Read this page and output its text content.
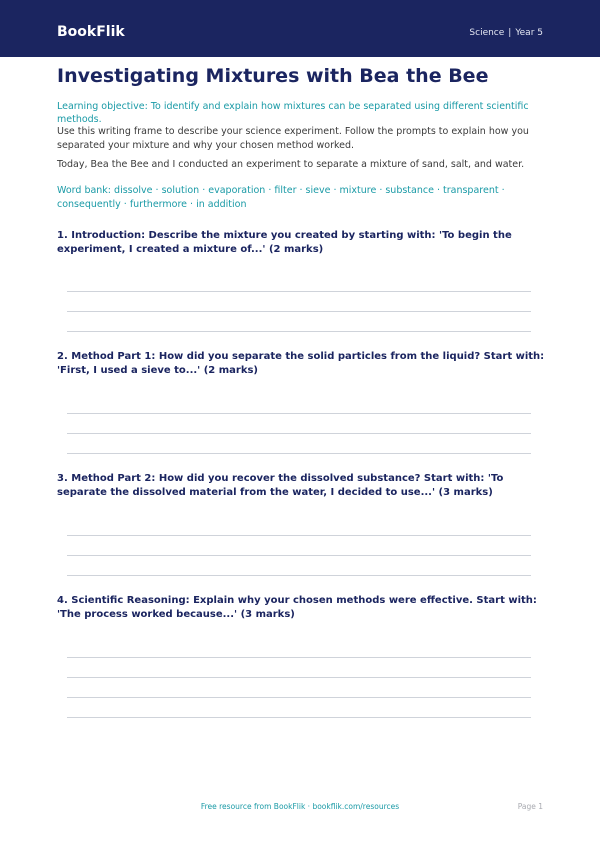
BookFlik	Science | Year 5
Investigating Mixtures with Bea the Bee
Learning objective: To identify and explain how mixtures can be separated using different scientific methods.
Use this writing frame to describe your science experiment. Follow the prompts to explain how you separated your mixture and why your chosen method worked.
Today, Bea the Bee and I conducted an experiment to separate a mixture of sand, salt, and water.
Word bank: dissolve · solution · evaporation · filter · sieve · mixture · substance · transparent · consequently · furthermore · in addition
1. Introduction: Describe the mixture you created by starting with: 'To begin the experiment, I created a mixture of...' (2 marks)
2. Method Part 1: How did you separate the solid particles from the liquid? Start with: 'First, I used a sieve to...' (2 marks)
3. Method Part 2: How did you recover the dissolved substance? Start with: 'To separate the dissolved material from the water, I decided to use...' (3 marks)
4. Scientific Reasoning: Explain why your chosen methods were effective. Start with: 'The process worked because...' (3 marks)
Free resource from BookFlik · bookflik.com/resources	Page 1
